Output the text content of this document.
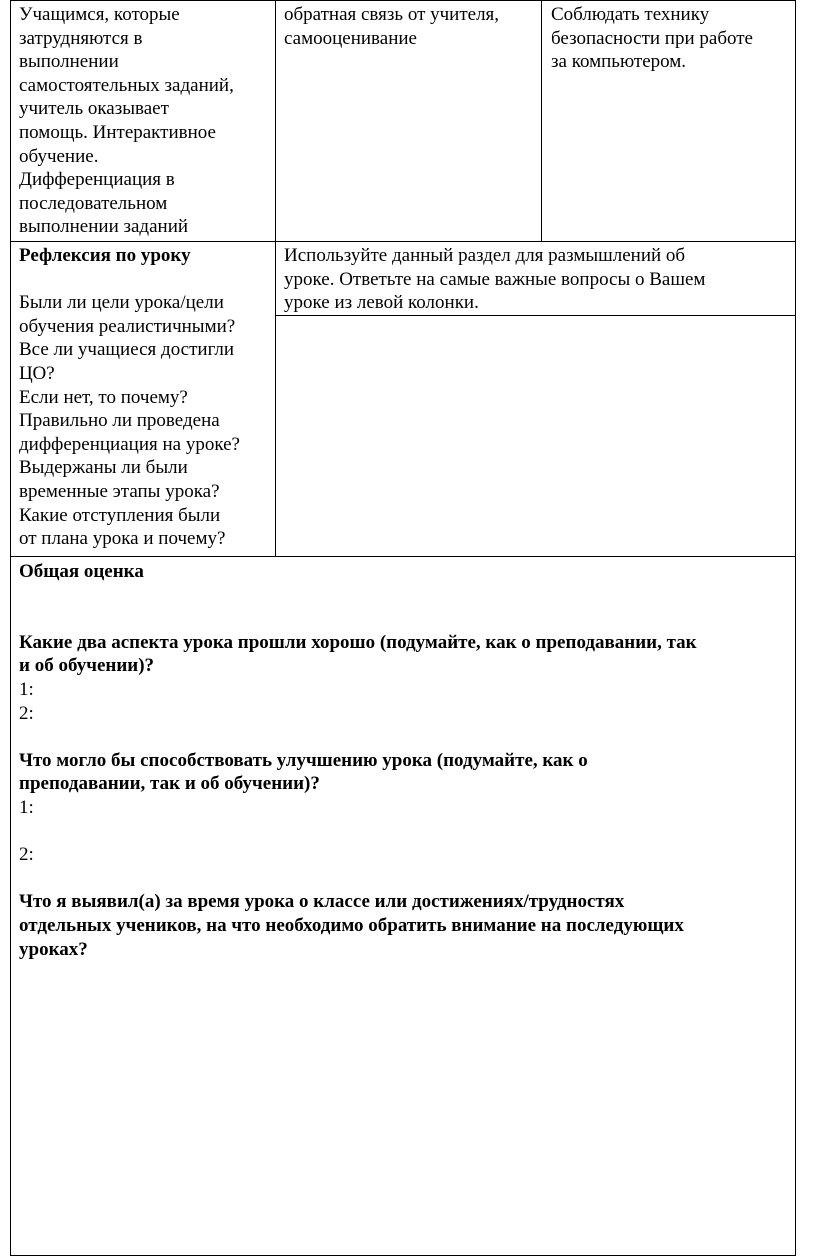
Учащимся, которые

затрудняются в

выполнении

самостоятельных заданий,

учитель оказывает

помощь. Интерактивное

обучение.

Дифференциация в

последовательном

выполнении заданий

обратная связь от учителя,

самооценивание

Соблюдать технику

безопасности при работе

за компьютером.

Рефлексия по уроку

Были ли цели урока/цели

обучения реалистичными?

Все ли учащиеся достигли

ЦО?

Если нет, то почему?

Правильно ли проведена

дифференциация на уроке?

Выдержаны ли были

временные этапы урока?

Какие отступления были

от плана урока и почему?

Используйте данный раздел для размышлений об

уроке. Ответьте на самые важные вопросы о Вашем

уроке из левой колонки.

Общая оценка

Какие два аспекта урока прошли хорошо (подумайте, как о преподавании, так

и об обучении)?

1:

2:

Что могло бы способствовать улучшению урока (подумайте, как о

преподавании, так и об обучении)?

1:

2:

Что я выявил(а) за время урока о классе или достижениях/трудностях

отдельных учеников, на что необходимо обратить внимание на последующих

уроках?
